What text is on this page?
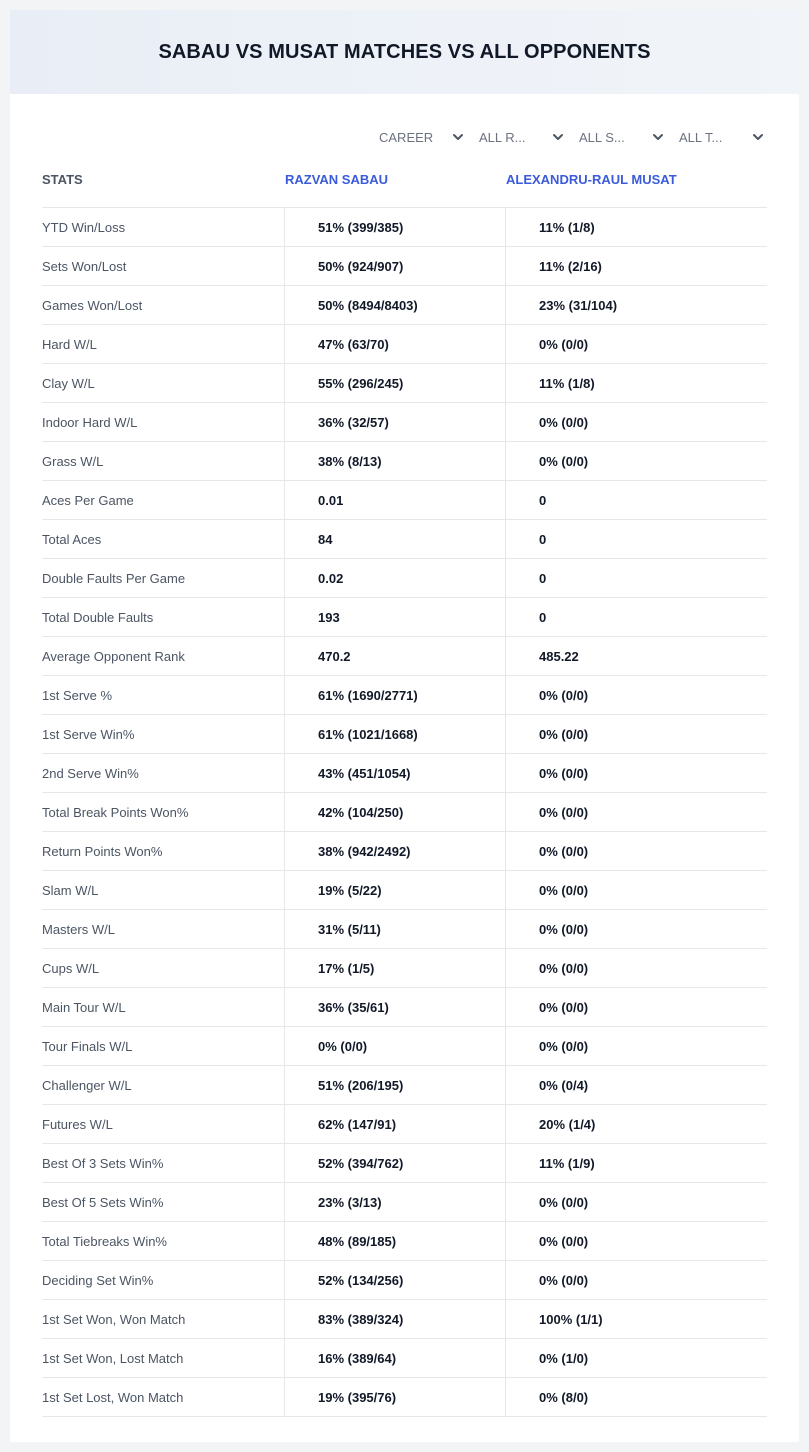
SABAU VS MUSAT MATCHES VS ALL OPPONENTS
CAREER	ALL R...	ALL S...	ALL T...
STATS	RAZVAN SABAU	ALEXANDRU-RAUL MUSAT
YTD Win/Loss	51% (399/385)	11% (1/8)
Sets Won/Lost	50% (924/907)	11% (2/16)
Games Won/Lost	50% (8494/8403)	23% (31/104)
Hard W/L	47% (63/70)	0% (0/0)
Clay W/L	55% (296/245)	11% (1/8)
Indoor Hard W/L	36% (32/57)	0% (0/0)
Grass W/L	38% (8/13)	0% (0/0)
Aces Per Game	0.01	0
Total Aces	84	0
Double Faults Per Game	0.02	0
Total Double Faults	193	0
Average Opponent Rank	470.2	485.22
1st Serve %	61% (1690/2771)	0% (0/0)
1st Serve Win%	61% (1021/1668)	0% (0/0)
2nd Serve Win%	43% (451/1054)	0% (0/0)
Total Break Points Won%	42% (104/250)	0% (0/0)
Return Points Won%	38% (942/2492)	0% (0/0)
Slam W/L	19% (5/22)	0% (0/0)
Masters W/L	31% (5/11)	0% (0/0)
Cups W/L	17% (1/5)	0% (0/0)
Main Tour W/L	36% (35/61)	0% (0/0)
Tour Finals W/L	0% (0/0)	0% (0/0)
Challenger W/L	51% (206/195)	0% (0/4)
Futures W/L	62% (147/91)	20% (1/4)
Best Of 3 Sets Win%	52% (394/762)	11% (1/9)
Best Of 5 Sets Win%	23% (3/13)	0% (0/0)
Total Tiebreaks Win%	48% (89/185)	0% (0/0)
Deciding Set Win%	52% (134/256)	0% (0/0)
1st Set Won, Won Match	83% (389/324)	100% (1/1)
1st Set Won, Lost Match	16% (389/64)	0% (1/0)
1st Set Lost, Won Match	19% (395/76)	0% (8/0)
